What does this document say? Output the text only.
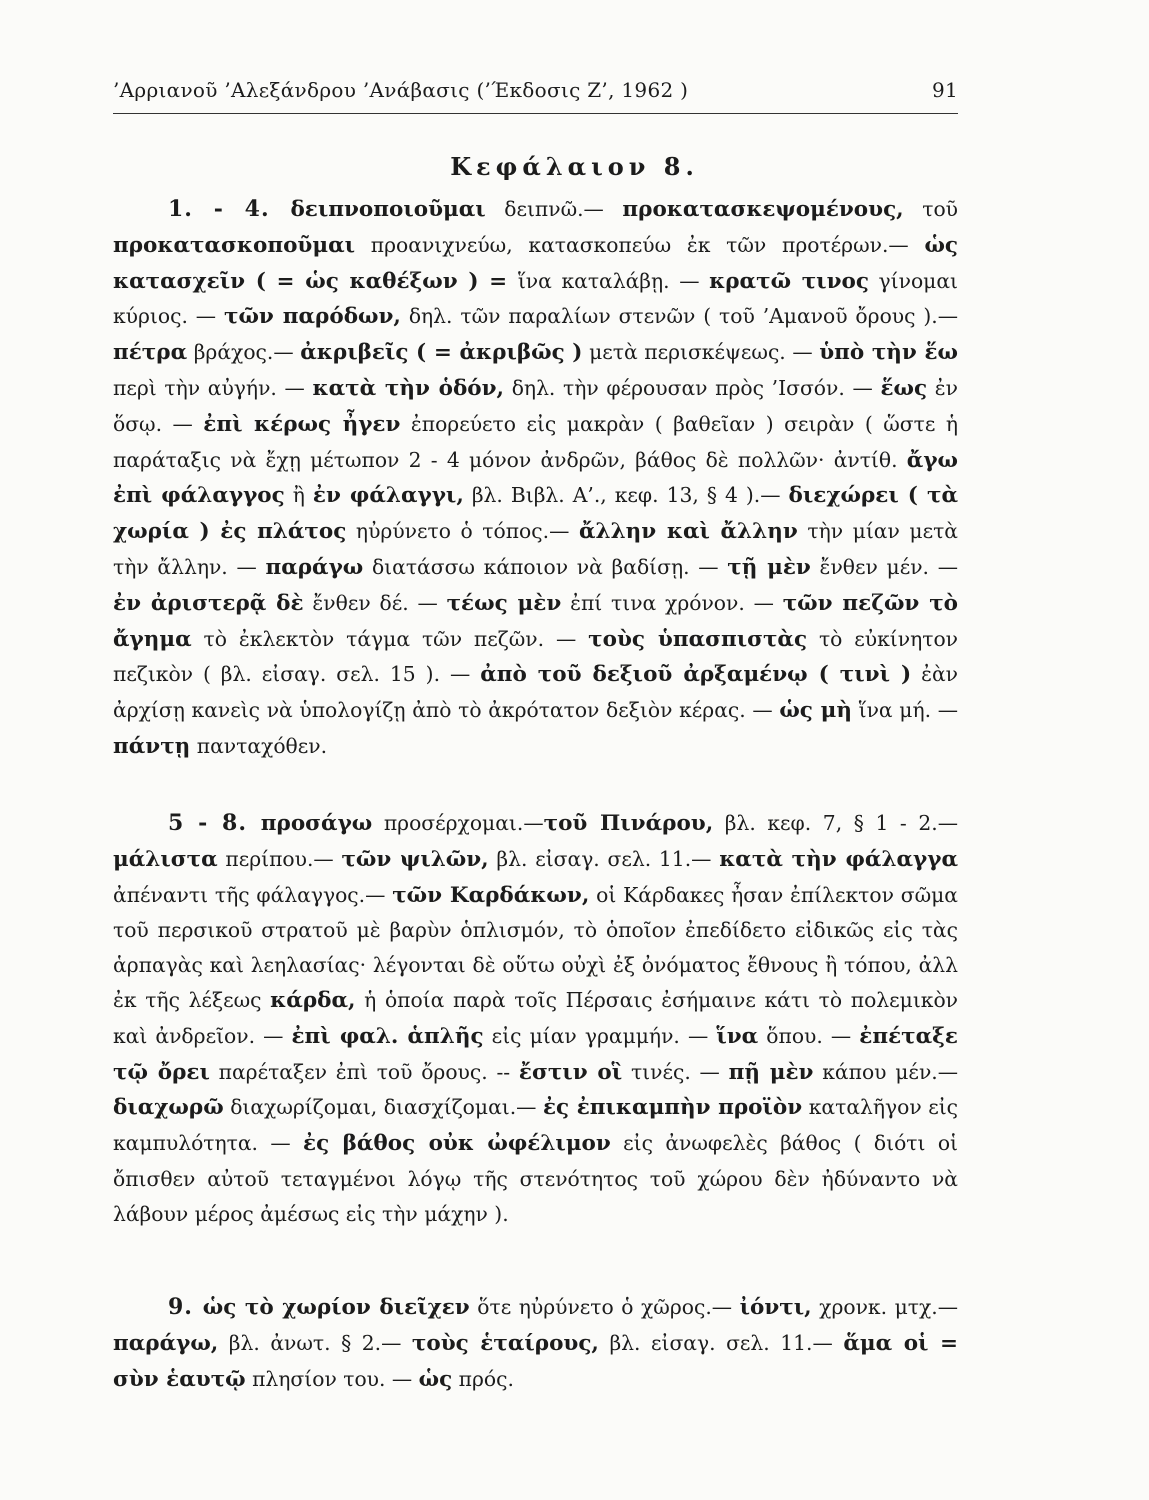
’Αρριανοῦ ’Αλεξάνδρου ’Ανάβασις (’Έκδοσις Ζ’, 1962 )	91
Κεφάλαιον 8.

1. - 4. δειπνοποιοῦμαι δειπνῶ.— προκατασκεψομένους, τοῦ προκατασκοποῦμαι προανιχνεύω, κατασκοπεύω ἐκ τῶν προτέρων.— ὡς κατασχεῖν ( = ὡς καθέξων ) = ἵνα καταλάβῃ. — κρατῶ τινος γίνομαι κύριος. — τῶν παρόδων, δηλ. τῶν παραλίων στενῶν ( τοῦ ’Αμανοῦ ὄρους ).— πέτρα βράχος.— ἀκριβεῖς ( = ἀκριβῶς ) μετὰ περισκέψεως. — ὑπὸ τὴν ἕω περὶ τὴν αὐγήν. — κατὰ τὴν ὁδόν, δηλ. τὴν φέρουσαν πρὸς ’Ισσόν. — ἕως ἐν ὅσῳ. — ἐπὶ κέρως ἦγεν ἐπορεύετο εἰς μακρὰν ( βαθεῖαν ) σειρὰν ( ὥστε ἡ παράταξις νὰ ἔχῃ μέτωπον 2 - 4 μόνον ἀνδρῶν, βάθος δὲ πολλῶν· ἀντίθ. ἄγω ἐπὶ φάλαγγος ἢ ἐν φάλαγγι, βλ. Βιβλ. Α’., κεφ. 13, § 4 ).— διεχώρει ( τὰ χωρία ) ἐς πλάτος ηὐρύνετο ὁ τόπος.— ἄλλην καὶ ἄλλην τὴν μίαν μετὰ τὴν ἄλλην. — παράγω διατάσσω κάποιον νὰ βαδίσῃ. — τῇ μὲν ἔνθεν μέν. — ἐν ἀριστερᾷ δὲ ἔνθεν δέ. — τέως μὲν ἐπί τινα χρόνον. — τῶν πεζῶν τὸ ἄγημα τὸ ἐκλεκτὸν τάγμα τῶν πεζῶν. — τοὺς ὑπασπιστὰς τὸ εὐκίνητον πεζικὸν ( βλ. εἰσαγ. σελ. 15 ). — ἀπὸ τοῦ δεξιοῦ ἀρξαμένῳ ( τινὶ ) ἐὰν ἀρχίσῃ κανεὶς νὰ ὑπολογίζῃ ἀπὸ τὸ ἀκρότατον δεξιὸν κέρας. — ὡς μὴ ἵνα μή. — πάντῃ πανταχόθεν.

5 - 8. προσάγω προσέρχομαι.—τοῦ Πινάρου, βλ. κεφ. 7, § 1 - 2.— μάλιστα περίπου.— τῶν ψιλῶν, βλ. εἰσαγ. σελ. 11.— κατὰ τὴν φάλαγγα ἀπέναντι τῆς φάλαγγος.— τῶν Καρδάκων, οἱ Κάρδακες ἦσαν ἐπίλεκτον σῶμα τοῦ περσικοῦ στρατοῦ μὲ βαρὺν ὁπλισμόν, τὸ ὁποῖον ἐπεδίδετο εἰδικῶς εἰς τὰς ἁρπαγὰς καὶ λεηλασίας· λέγονται δὲ οὕτω οὐχὶ ἐξ ὀνόματος ἔθνους ἢ τόπου, ἀλλ ἐκ τῆς λέξεως κάρδα, ἡ ὁποία παρὰ τοῖς Πέρσαις ἐσήμαινε κάτι τὸ πολεμικὸν καὶ ἀνδρεῖον. — ἐπὶ φαλ. ἁπλῆς εἰς μίαν γραμμήν. — ἵνα ὅπου. — ἐπέταξε τῷ ὄρει παρέταξεν ἐπὶ τοῦ ὄρους. -- ἔστιν οἳ τινές. — πῇ μὲν κάπου μέν.— διαχωρῶ διαχωρίζομαι, διασχίζομαι.— ἐς ἐπικαμπὴν προϊὸν καταλῆγον εἰς καμπυλότητα. — ἐς βάθος οὐκ ὠφέλιμον εἰς ἀνωφελὲς βάθος ( διότι οἱ ὄπισθεν αὐτοῦ τεταγμένοι λόγῳ τῆς στενότητος τοῦ χώρου δὲν ἠδύναντο νὰ λάβουν μέρος ἀμέσως εἰς τὴν μάχην ).

9. ὡς τὸ χωρίον διεῖχεν ὅτε ηὐρύνετο ὁ χῶρος.— ἰόντι, χρονκ. μτχ.— παράγω, βλ. ἀνωτ. § 2.— τοὺς ἑταίρους, βλ. εἰσαγ. σελ. 11.— ἅμα οἱ = σὺν ἑαυτῷ πλησίον του. — ὡς πρός.
